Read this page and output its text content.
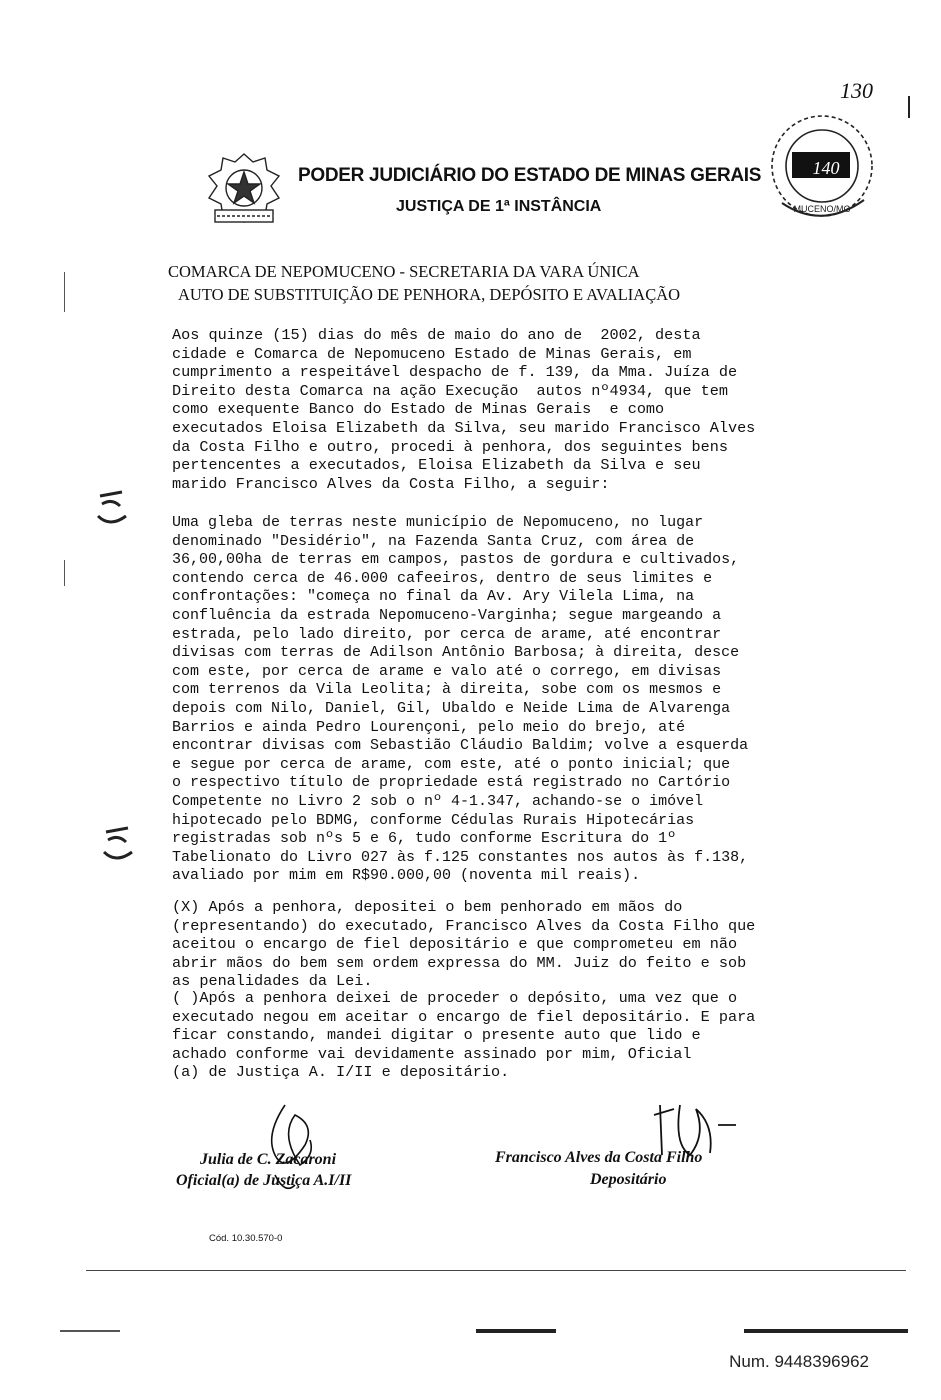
PODER JUDICIÁRIO DO ESTADO DE MINAS GERAIS
JUSTIÇA DE 1ª INSTÂNCIA
130
140
MUCENO/MG
COMARCA DE NEPOMUCENO - SECRETARIA DA VARA ÚNICA
AUTO DE SUBSTITUIÇÃO DE PENHORA, DEPÓSITO E AVALIAÇÃO
Aos quinze (15) dias do mês de maio do ano de  2002, desta
cidade e Comarca de Nepomuceno Estado de Minas Gerais, em
cumprimento a respeitável despacho de f. 139, da Mma. Juíza de
Direito desta Comarca na ação Execução  autos nº4934, que tem
como exequente Banco do Estado de Minas Gerais  e como
executados Eloisa Elizabeth da Silva, seu marido Francisco Alves
da Costa Filho e outro, procedi à penhora, dos seguintes bens
pertencentes a executados, Eloisa Elizabeth da Silva e seu
marido Francisco Alves da Costa Filho, a seguir:
Uma gleba de terras neste município de Nepomuceno, no lugar
denominado "Desidério", na Fazenda Santa Cruz, com área de
36,00,00ha de terras em campos, pastos de gordura e cultivados,
contendo cerca de 46.000 cafeeiros, dentro de seus limites e
confrontações: "começa no final da Av. Ary Vilela Lima, na
confluência da estrada Nepomuceno-Varginha; segue margeando a
estrada, pelo lado direito, por cerca de arame, até encontrar
divisas com terras de Adilson Antônio Barbosa; à direita, desce
com este, por cerca de arame e valo até o corrego, em divisas
com terrenos da Vila Leolita; à direita, sobe com os mesmos e
depois com Nilo, Daniel, Gil, Ubaldo e Neide Lima de Alvarenga
Barrios e ainda Pedro Lourençoni, pelo meio do brejo, até
encontrar divisas com Sebastião Cláudio Baldim; volve a esquerda
e segue por cerca de arame, com este, até o ponto inicial; que
o respectivo título de propriedade está registrado no Cartório
Competente no Livro 2 sob o nº 4-1.347, achando-se o imóvel
hipotecado pelo BDMG, conforme Cédulas Rurais Hipotecárias
registradas sob nºs 5 e 6, tudo conforme Escritura do 1º
Tabelionato do Livro 027 às f.125 constantes nos autos às f.138,
avaliado por mim em R$90.000,00 (noventa mil reais).
(X) Após a penhora, depositei o bem penhorado em mãos do
(representando) do executado, Francisco Alves da Costa Filho que
aceitou o encargo de fiel depositário e que comprometeu em não
abrir mãos do bem sem ordem expressa do MM. Juiz do feito e sob
as penalidades da Lei.
( )Após a penhora deixei de proceder o depósito, uma vez que o
executado negou em aceitar o encargo de fiel depositário. E para
ficar constando, mandei digitar o presente auto que lido e
achado conforme vai devidamente assinado por mim, Oficial
(a) de Justiça A. I/II e depositário.
Julia de C. Zacaroni
Oficial(a) de Justiça A.I/II
Francisco Alves da Costa Filho
Depositário
Cód. 10.30.570-0
Num. 9448396962
